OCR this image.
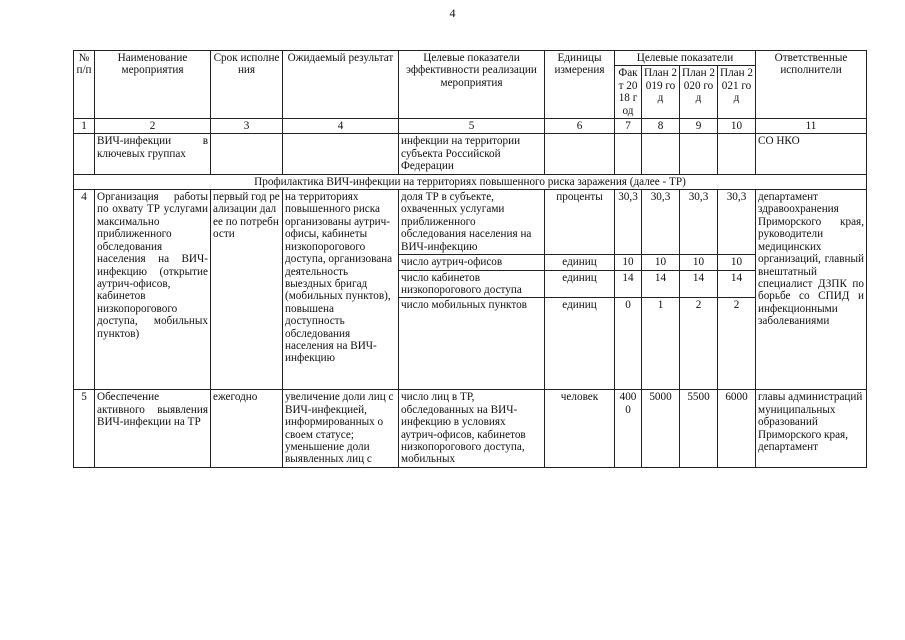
4
№ п/п	Наименование мероприятия	Срок исполнения	Ожидаемый результат	Целевые показатели эффективности реализации мероприятия	Единицы измерения	Целевые показатели				Ответственные исполнители
						Факт 2018 год	План 2019 год	План 2020 год	План 2021 год	
1	2	3	4	5	6	7	8	9	10	11
	ВИЧ-инфекции в ключевых группах			инфекции на территории субъекта Российской Федерации						СО НКО
Профилактика ВИЧ-инфекции на территориях повышенного риска заражения (далее - ТР)										
4	Организация работы по охвату ТР услугами максимально приближенного обследования населения на ВИЧ-инфекцию (открытие аутрич-офисов, кабинетов низкопорогового доступа, мобильных пунктов)	первый год реализации далее по потребности	на территориях повышенного риска организованы аутрич-офисы, кабинеты низкопорогового доступа, организована деятельность выездных бригад (мобильных пунктов), повышена доступность обследования населения на ВИЧ-инфекцию	доля ТР в субъекте, охваченных услугами приближенного обследования населения на ВИЧ-инфекцию	проценты	30,3	30,3	30,3	30,3	департамент здравоохранения Приморского края, руководители медицинских организаций, главный внештатный специалист ДЗПК по борьбе со СПИД и инфекционными заболеваниями
				число аутрич-офисов	единиц	10	10	10	10	
				число кабинетов низкопорогового доступа	единиц	14	14	14	14	
				число мобильных пунктов	единиц	0	1	2	2	
5	Обеспечение активного выявления ВИЧ-инфекции на ТР	ежегодно	увеличение доли лиц с ВИЧ-инфекцией, информированных о своем статусе; уменьшение доли выявленных лиц с	число лиц в ТР, обследованных на ВИЧ-инфекцию в условиях аутрич-офисов, кабинетов низкопорогового доступа, мобильных	человек	4000	5000	5500	6000	главы администраций муниципальных образований Приморского края, департамент
